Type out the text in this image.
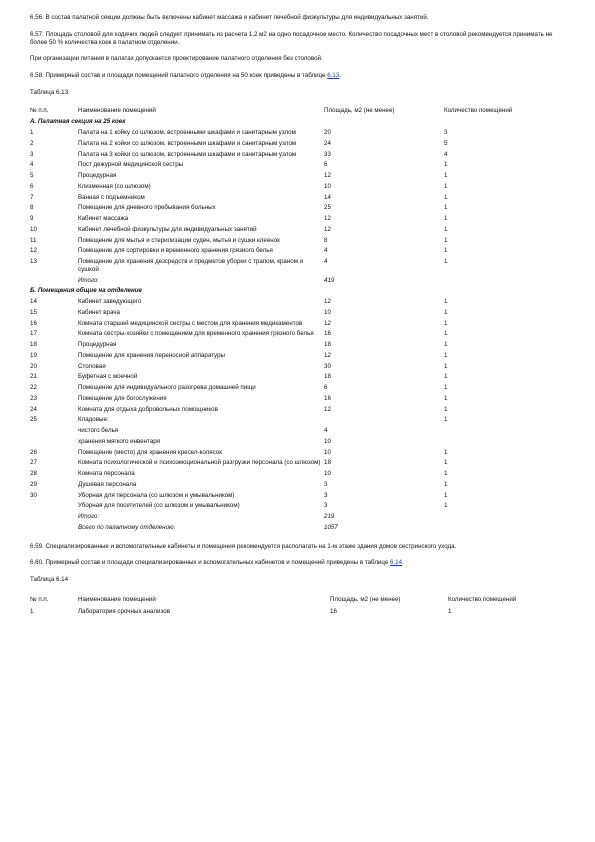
6.56. В состав палатной секции должны быть включены кабинет массажа и кабинет лечебной физкультуры для индивидуальных занятий.

6.57. Площадь столовой для ходячих людей следует принимать из расчета 1,2 м2 на одно посадочное место. Количество посадочных мест в столовой рекомендуется принимать не более 50 % количества коек в палатном отделении.

При организации питания в палатах допускается проектирование палатного отделения без столовой.

6.58. Примерный состав и площади помещений палатного отделения на 50 коек приведены в таблице 6.13.

Таблица 6.13
№ п.п.	Наименование помещений	Площадь, м2 (не менее)	Количество помещений
А. Палатная секция на 25 коек			
1	Палата на 1 койку со шлюзом, встроенными шкафами и санитарным узлом	20	3
2	Палата на 2 койки со шлюзом, встроенными шкафами и санитарным узлом	24	5
3	Палата на 3 койки со шлюзом, встроенными шкафами и санитарным узлом	33	4
4	Пост дежурной медицинской сестры	6	1
5	Процедурная	12	1
6	Клизменная (со шлюзом)	10	1
7	Ванная с подъемником	14	1
8	Помещение для дневного пребывания больных	25	1
9	Кабинет массажа	12	1
10	Кабинет лечебной физкультуры для индивидуальных занятий	12	1
11	Помещение для мытья и стерилизации суден, мытья и сушки клеенок	8	1
12	Помещение для сортировки и временного хранения грязного белья	4	1
13	Помещение для хранения дезсредств и предметов уборки с трапом, краном и сушкой	4	1
	Итого:	419	
Б. Помещения общие на отделение			
14	Кабинет заведующего	12	1
15	Кабинет врача	10	1
16	Комната старшей медицинской сестры с местом для хранения медикаментов	12	1
17	Комната сестры-хозяйки с помещением для временного хранения грязного белья	16	1
18	Процедурная	18	1
19	Помещение для хранения переносной аппаратуры	12	1
20	Столовая	30	1
21	Буфетная с моечной	18	1
22	Помещение для индивидуального разогрева домашней пищи	6	1
23	Помещение для богослужения	16	1
24	Комната для отдыха добровольных помощников	12	1
25	Кладовые:		1
	чистого белья	4	
	хранения мягкого инвентаря	10	
26	Помещение (место) для хранения кресел-колясок	10	1
27	Комната психологической и психоэмоциональной разгрузки персонала (со шлюзом)	18	1
28	Комната персонала	10	1
29	Душевая персонала	3	1
30	Уборная для персонала (со шлюзом и умывальником)	3	1
	Уборная для посетителей (со шлюзом и умывальником)	3	1
	Итого:	219	
	Всего по палатному отделению:	1057	

6.59. Специализированные и вспомогательные кабинеты и помещения рекомендуется располагать на 1-м этаже здания домов сестринского ухода.

6.60. Примерный состав и площади специализированных и вспомогательных кабинетов и помещений приведены в таблице 6.14.

Таблица 6.14
№ п.п.	Наименование помещений	Площадь, м2 (не менее)	Количество помещений
1	Лаборатория срочных анализов	16	1
